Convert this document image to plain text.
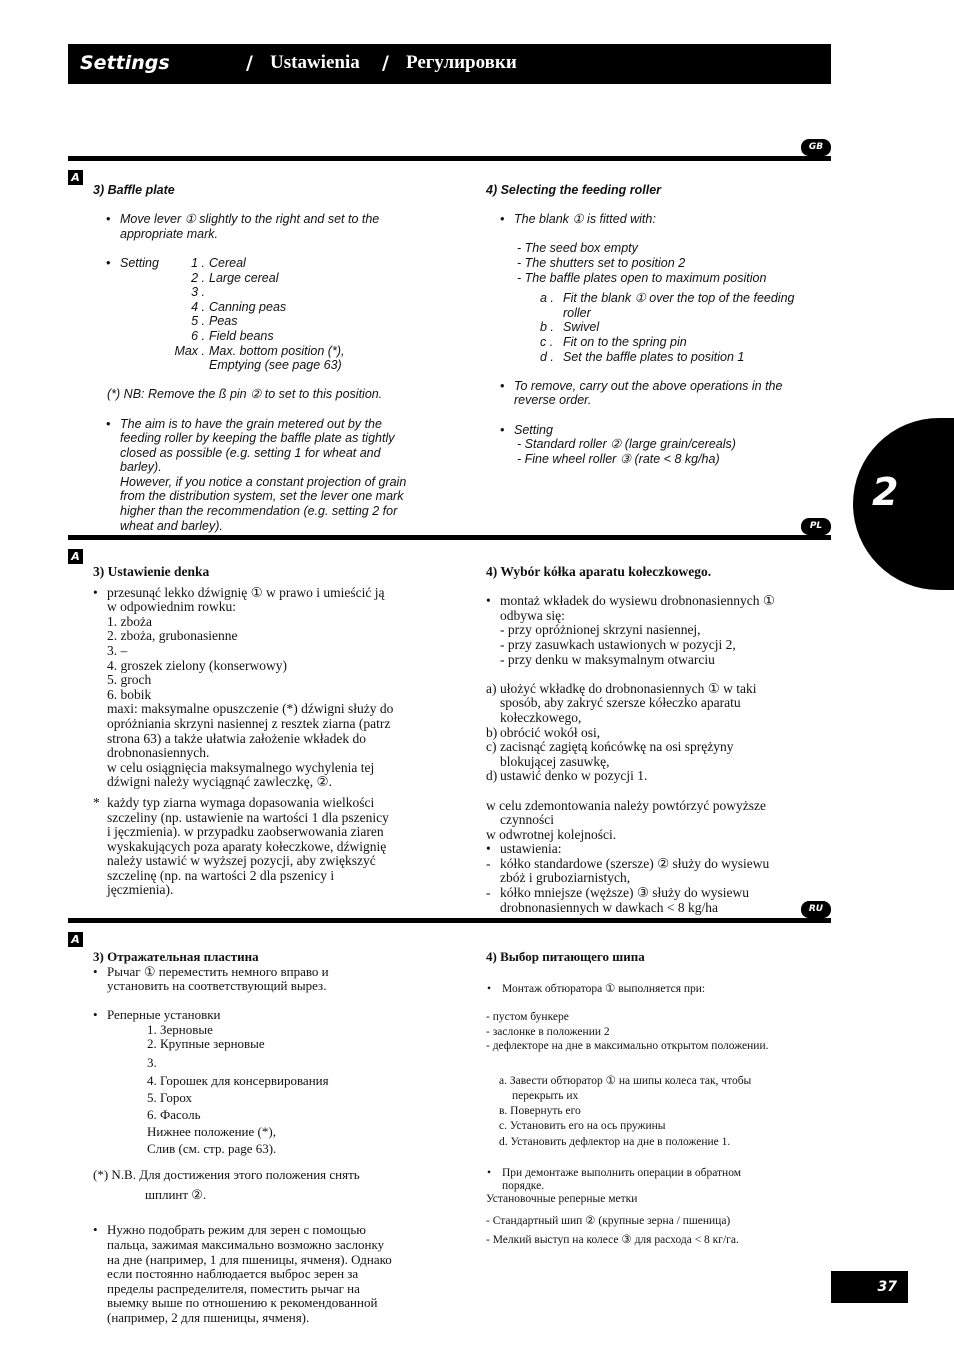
Settings	/ Ustawienia / Регулировки
GB
A
3) Baffle plate
• Move lever ① slightly to the right and set to the
appropriate mark.
• Setting	1 . Cereal
2 . Large cereal
3 .
4 . Canning peas
5 . Peas
6 . Field beans
Max . Max. bottom position (*),
Emptying (see page 63)
(*) NB: Remove the ß pin ② to set to this position.
• The aim is to have the grain metered out by the
feeding roller by keeping the baffle plate as tightly
closed as possible (e.g. setting 1 for wheat and
barley).
However, if you notice a constant projection of grain
from the distribution system, set the lever one mark
higher than the recommendation (e.g. setting 2 for
wheat and barley).
4) Selecting the feeding roller
• The blank ① is fitted with:
- The seed box empty
- The shutters set to position 2
- The baffle plates open to maximum position
a . Fit the blank ① over the top of the feeding
roller
b . Swivel
c . Fit on to the spring pin
d . Set the baffle plates to position 1
• To remove, carry out the above operations in the
reverse order.
• Setting
- Standard roller ② (large grain/cereals)
- Fine wheel roller ③ (rate < 8 kg/ha)
2
PL
A
3) Ustawienie denka
• przesunąć lekko dźwignię ① w prawo i umieścić ją
w odpowiednim rowku:
1. zboża
2. zboża, grubonasienne
3. –
4. groszek zielony (konserwowy)
5. groch
6. bobik
maxi: maksymalne opuszczenie (*) dźwigni służy do
opróżniania skrzyni nasiennej z resztek ziarna (patrz
strona 63) a także ułatwia założenie wkładek do
drobnonasiennych.
w celu osiągnięcia maksymalnego wychylenia tej
dźwigni należy wyciągnąć zawleczkę, ②.
* każdy typ ziarna wymaga dopasowania wielkości
szczeliny (np. ustawienie na wartości 1 dla pszenicy
i jęczmienia). w przypadku zaobserwowania ziaren
wyskakujących poza aparaty kołeczkowe, dźwignię
należy ustawić w wyższej pozycji, aby zwiększyć
szczelinę (np. na wartości 2 dla pszenicy i
jęczmienia).
4) Wybór kółka aparatu kołeczkowego.
• montaż wkładek do wysiewu drobnonasiennych ①
odbywa się:
- przy opróżnionej skrzyni nasiennej,
- przy zasuwkach ustawionych w pozycji 2,
- przy denku w maksymalnym otwarciu
a) ułożyć wkładkę do drobnonasiennych ① w taki
sposób, aby zakryć szersze kółeczko aparatu
kołeczkowego,
b) obrócić wokół osi,
c) zacisnąć zagiętą końcówkę na osi sprężyny
blokującej zasuwkę,
d) ustawić denko w pozycji 1.
w celu zdemontowania należy powtórzyć powyższe
czynności
w odwrotnej kolejności.
• ustawienia:
- kółko standardowe (szersze) ② służy do wysiewu
zbóż i gruboziarnistych,
- kółko mniejsze (węższe) ③ służy do wysiewu
drobnonasiennych w dawkach < 8 kg/ha	RU
A
3) Отражательная пластина
• Рычаг ① переместить немного вправо и
установить на соответствующий вырез.
• Реперные установки
1. Зерновые
2. Крупные зерновые
3.
4. Горошек для консервирования
5. Горох
6. Фасоль
Нижнее положение (*),
Слив (см. стр. page 63).
(*) N.B. Для достижения этого положения снять
шплинт ②.
• Нужно подобрать режим для зерен с помощью
пальца, зажимая максимально возможно заслонку
на дне (например, 1 для пшеницы, ячменя). Однако
если постоянно наблюдается выброс зерен за
пределы распределителя, поместить рычаг на
выемку выше по отношению к рекомендованной
(например, 2 для пшеницы, ячменя).
4) Выбор питающего шипа
• Монтаж обтюратора ① выполняется при:
- пустом бункере
- заслонке в положении 2
- дефлекторе на дне в максимально открытом положении.
a. Завести обтюратор ① на шипы колеса так, чтобы
перекрыть их
в. Повернуть его
c. Установить его на ось пружины
d. Установить дефлектор на дне в положение 1.
• При демонтаже выполнить операции в обратном
порядке.
Установочные реперные метки
- Стандартный шип ② (крупные зерна / пшеница)
- Мелкий выступ на колесе ③ для расхода < 8 кг/га.
37
